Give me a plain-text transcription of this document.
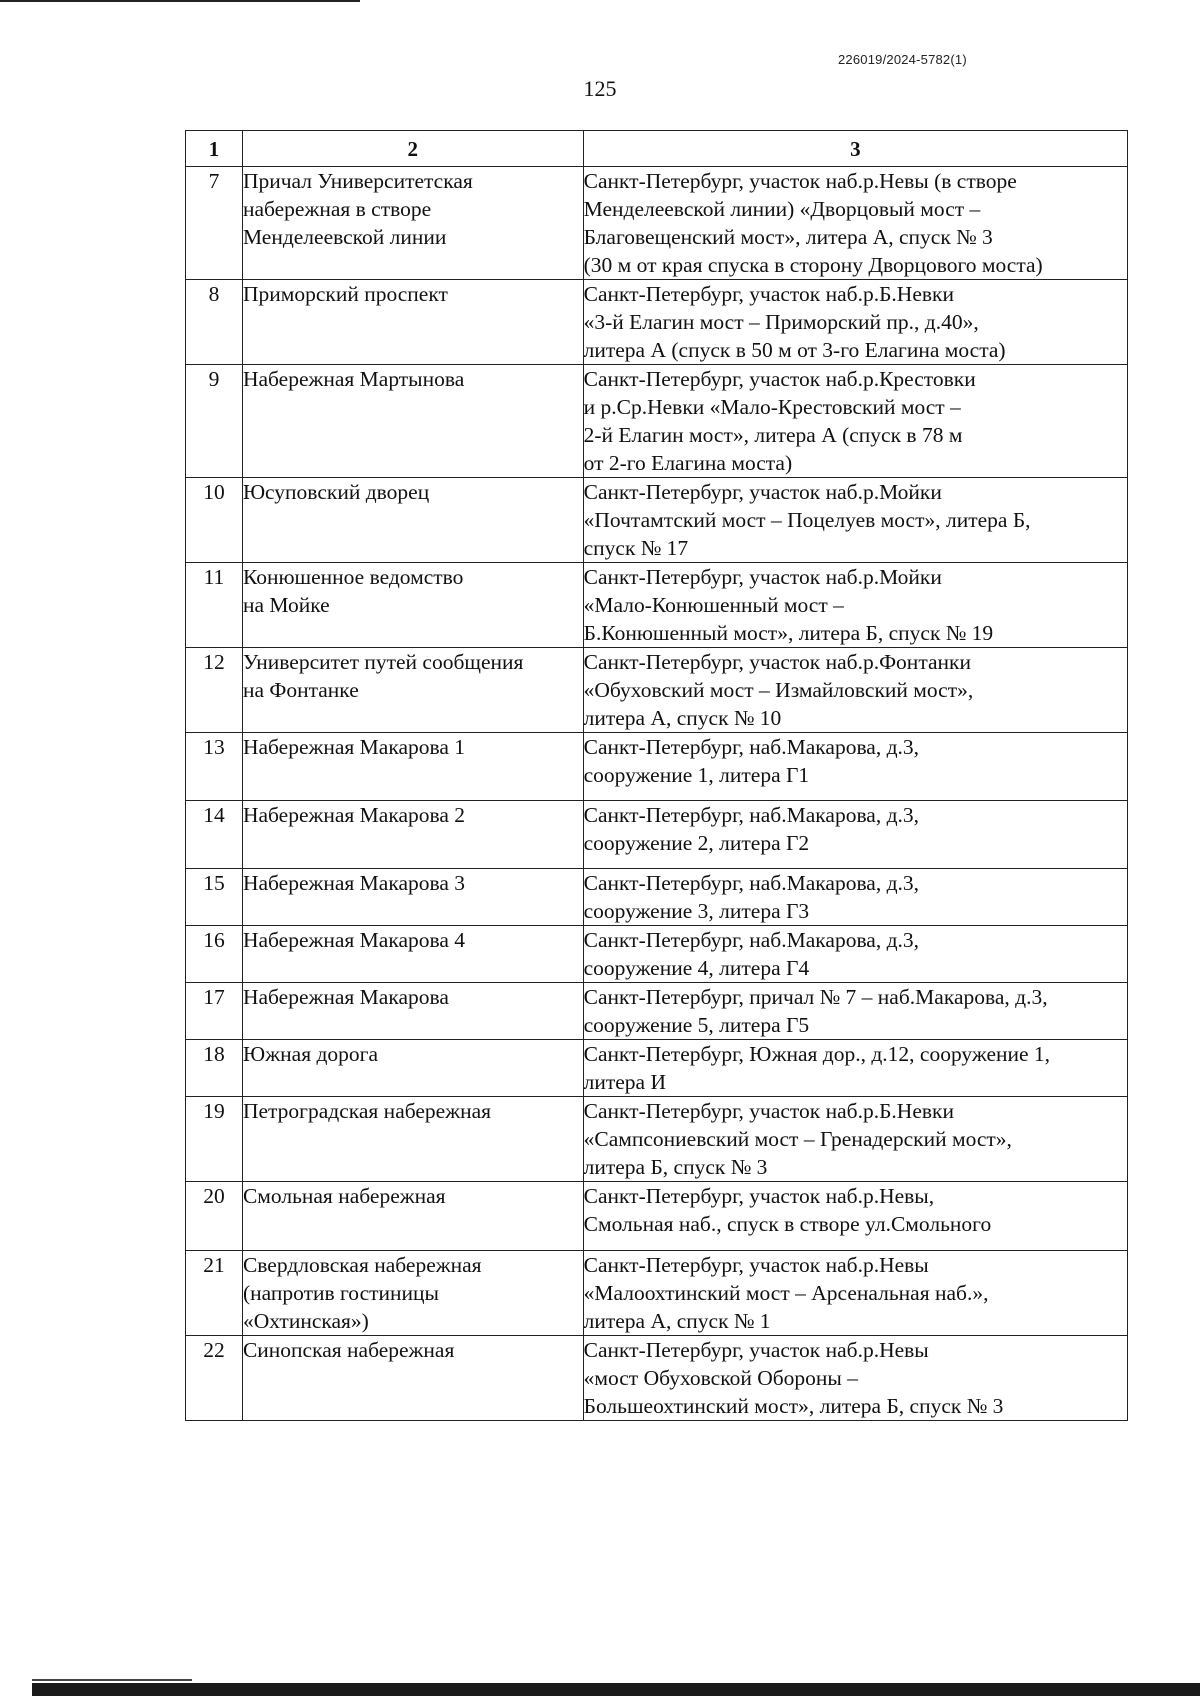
226019/2024-5782(1)
125
1	2	3
7	Причал Университетская
набережная в створе
Менделеевской линии	Санкт-Петербург, участок наб.р.Невы (в створе
Менделеевской линии) «Дворцовый мост –
Благовещенский мост», литера А, спуск № 3
(30 м от края спуска в сторону Дворцового моста)

8	Приморский проспект	Санкт-Петербург, участок наб.р.Б.Невки
«3-й Елагин мост – Приморский пр., д.40»,
литера А (спуск в 50 м от 3-го Елагина моста)

9	Набережная Мартынова	Санкт-Петербург, участок наб.р.Крестовки
и р.Ср.Невки «Мало-Крестовский мост –
2-й Елагин мост», литера А (спуск в 78 м
от 2-го Елагина моста)

10	Юсуповский дворец	Санкт-Петербург, участок наб.р.Мойки
«Почтамтский мост – Поцелуев мост», литера Б,
спуск № 17

11	Конюшенное ведомство
на Мойке	Санкт-Петербург, участок наб.р.Мойки
«Мало-Конюшенный мост –
Б.Конюшенный мост», литера Б, спуск № 19

12	Университет путей сообщения
на Фонтанке	Санкт-Петербург, участок наб.р.Фонтанки
«Обуховский мост – Измайловский мост»,
литера А, спуск № 10

13	Набережная Макарова 1	Санкт-Петербург, наб.Макарова, д.3,
сооружение 1, литера Г1

14	Набережная Макарова 2	Санкт-Петербург, наб.Макарова, д.3,
сооружение 2, литера Г2

15	Набережная Макарова 3	Санкт-Петербург, наб.Макарова, д.3,
сооружение 3, литера Г3

16	Набережная Макарова 4	Санкт-Петербург, наб.Макарова, д.3,
сооружение 4, литера Г4

17	Набережная Макарова	Санкт-Петербург, причал № 7 – наб.Макарова, д.3,
сооружение 5, литера Г5

18	Южная дорога	Санкт-Петербург, Южная дор., д.12, сооружение 1,
литера И

19	Петроградская набережная	Санкт-Петербург, участок наб.р.Б.Невки
«Сампсониевский мост – Гренадерский мост»,
литера Б, спуск № 3

20	Смольная набережная	Санкт-Петербург, участок наб.р.Невы,
Смольная наб., спуск в створе ул.Смольного

21	Свердловская набережная
(напротив гостиницы
«Охтинская»)	Санкт-Петербург, участок наб.р.Невы
«Малоохтинский мост – Арсенальная наб.»,
литера А, спуск № 1

22	Синопская набережная	Санкт-Петербург, участок наб.р.Невы
«мост Обуховской Обороны –
Большеохтинский мост», литера Б, спуск № 3
